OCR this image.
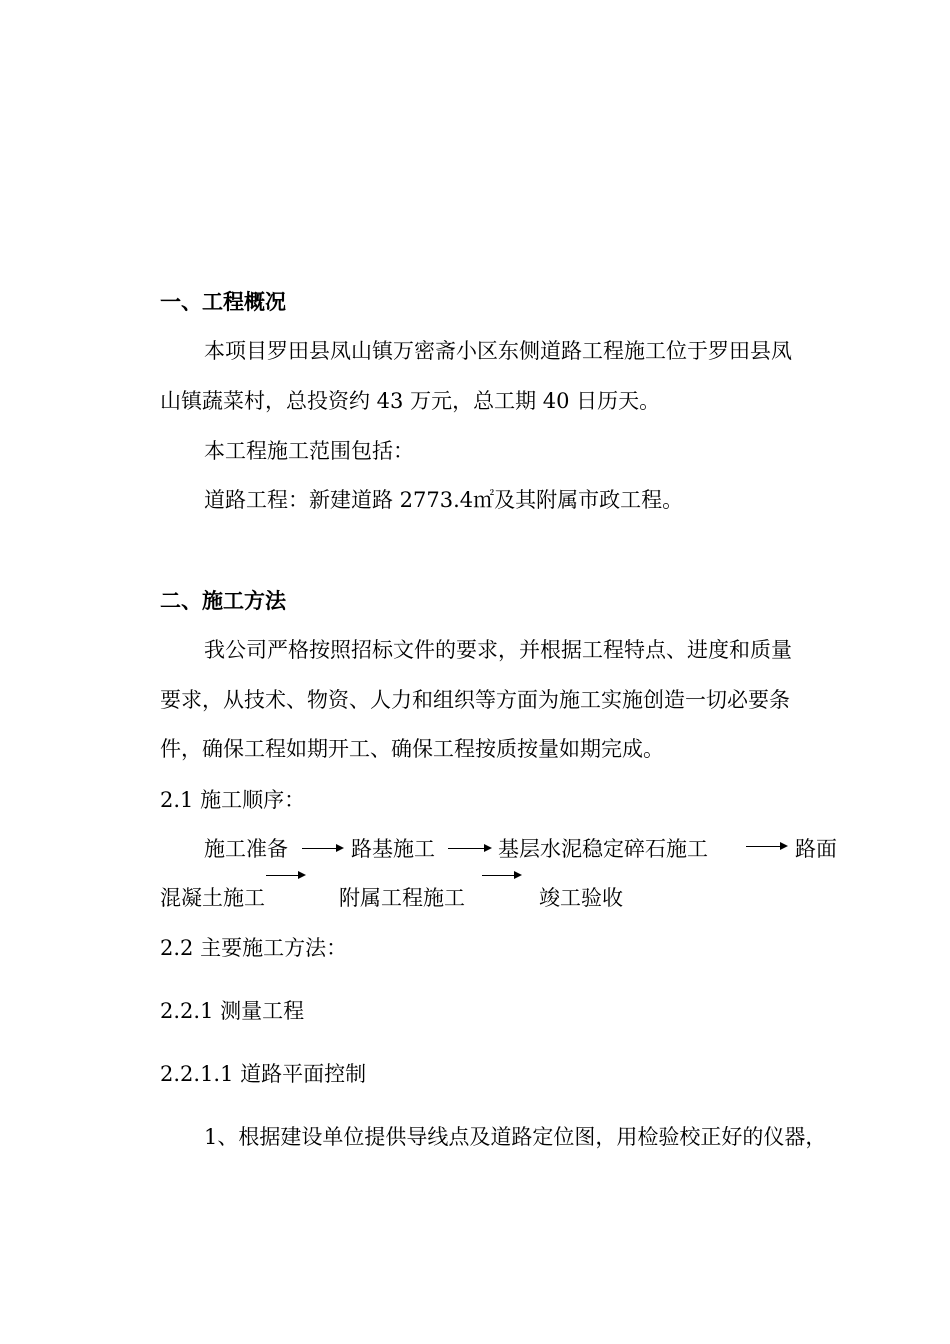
一、工程概况
本项目罗田县凤山镇万密斋小区东侧道路工程施工位于罗田县凤
山镇蔬菜村，总投资约 43 万元，总工期 40 日历天。
本工程施工范围包括：
道路工程：新建道路 2773.4㎡及其附属市政工程。
二、施工方法
我公司严格按照招标文件的要求，并根据工程特点、进度和质量
要求，从技术、物资、人力和组织等方面为施工实施创造一切必要条
件，确保工程如期开工、确保工程按质按量如期完成。
2.1 施工顺序：
施工准备	路基施工	基层水泥稳定碎石施工	路面
混凝土施工	附属工程施工	竣工验收
2.2 主要施工方法：
2.2.1 测量工程
2.2.1.1 道路平面控制
1、根据建设单位提供导线点及道路定位图，用检验校正好的仪器，
